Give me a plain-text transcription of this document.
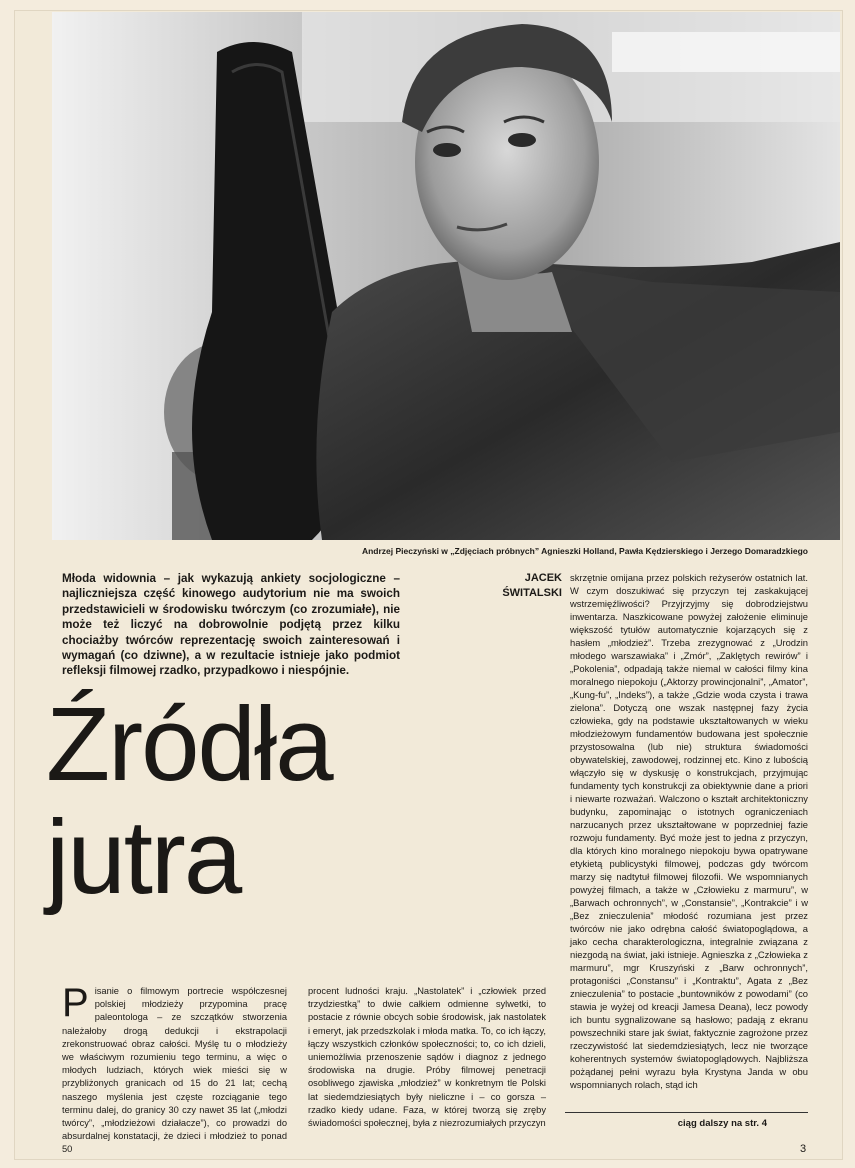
Andrzej Pieczyński w „Zdjęciach próbnych” Agnieszki Holland, Pawła Kędzierskiego i Jerzego Domaradzkiego
Młoda widownia – jak wykazują ankiety socjologiczne – najliczniejsza część kinowego audytorium nie ma swoich przedstawicieli w środowisku twórczym (co zrozumiałe), nie może też liczyć na dobrowolnie podjętą przez kilku chociażby twórców reprezentację swoich zainteresowań i wymagań (co dziwne), a w rezultacie istnieje jako podmiot refleksji filmowej rzadko, przypadkowo i niespójnie.
JACEK
ŚWITALSKI
Źródła
jutra
P isanie o filmowym portrecie współczesnej polskiej młodzieży przypomina pracę paleontologa – ze szczątków stworzenia należałoby drogą dedukcji i ekstrapolacji zrekonstruować obraz całości. Myślę tu o młodzieży we właściwym rozumieniu tego terminu, a więc o młodych ludziach, których wiek mieści się w przybliżonych granicach od 15 do 21 lat; cechą naszego myślenia jest częste rozciąganie tego terminu dalej, do granicy 30 czy nawet 35 lat („młodzi twórcy”, „młodzieżowi działacze”), co prowadzi do absurdalnej konstatacji, że dzieci i młodzież to ponad 50
procent ludności kraju. „Nastolatek” i „człowiek przed trzydziestką” to dwie całkiem odmienne sylwetki, to postacie z równie obcych sobie środowisk, jak nastolatek i emeryt, jak przedszkolak i młoda matka. To, co ich łączy, łączy wszystkich członków społeczności; to, co ich dzieli, uniemożliwia przenoszenie sądów i diagnoz z jednego środowiska na drugie. Próby filmowej penetracji osobliwego zjawiska „młodzież” w konkretnym tle Polski lat siedemdziesiątych były nieliczne i – co gorsza – rzadko kiedy udane. Faza, w której tworzą się zręby świadomości społecznej, była z niezrozumiałych przyczyn
skrzętnie omijana przez polskich reżyserów ostatnich lat. W czym doszukiwać się przyczyn tej zaskakującej wstrzemięźliwości? Przyjrzyjmy się dobrodziejstwu inwentarza. Naszkicowane powyżej założenie eliminuje większość tytułów automatycznie kojarzących się z hasłem „młodzież”. Trzeba zrezygnować z „Urodzin młodego warszawiaka” i „Zmór”, „Zaklętych rewirów” i „Pokolenia”, odpadają także niemal w całości filmy kina moralnego niepokoju („Aktorzy prowincjonalni”, „Amator”, „Kung-fu”, „Indeks”), a także „Gdzie woda czysta i trawa zielona”. Dotyczą one wszak następnej fazy życia człowieka, gdy na podstawie ukształtowanych w wieku młodzieżowym fundamentów budowana jest społecznie przystosowalna (lub nie) struktura świadomości obywatelskiej, zawodowej, rodzinnej etc. Kino z lubością włączyło się w dyskusję o konstrukcjach, przyjmując fundamenty tych konstrukcji za obiektywnie dane a priori i niewarte rozważań. Walczono o kształt architektoniczny budynku, zapominając o istotnych ograniczeniach narzucanych przez ukształtowane w poprzedniej fazie rozwoju fundamenty. Być może jest to jedna z przyczyn, dla których kino moralnego niepokoju bywa opatrywane etykietą publicystyki filmowej, podczas gdy twórcom marzy się nadtytuł filmowej filozofii. We wspomnianych powyżej filmach, a także w „Człowieku z marmuru”, w „Barwach ochronnych”, w „Constansie”, „Kontrakcie” i w „Bez znieczulenia” młodość rozumiana jest przez twórców nie jako odrębna całość światopoglądowa, a jako cecha charakterologiczna, integralnie związana z niezgodą na świat, jaki istnieje. Agnieszka z „Człowieka z marmuru”, mgr Kruszyński z „Barw ochronnych”, protagoniści „Constansu” i „Kontraktu”, Agata z „Bez znieczulenia” to postacie „buntowników z powodami” (co stawia je wyżej od kreacji Jamesa Deana), lecz powody ich buntu sygnalizowane są hasłowo; padają z ekranu powszechniki stare jak świat, faktycznie zagrożone przez rzeczywistość lat siedemdziesiątych, lecz nie tworzące koherentnych systemów światopoglądowych. Najbliższa pożądanej pełni wyrazu była Krystyna Janda w obu wspomnianych rolach, stąd ich
ciąg dalszy na str. 4
3
